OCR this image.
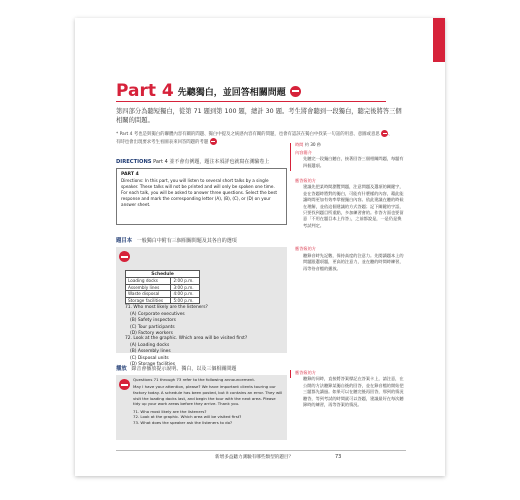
Part 4 先聽獨白，並回答相關問題
第四部分為聽短獨白，從第 71 題到第 100 題，總計 30 題。考生將會聽到一段獨白，聽完後將答三個相關的問題。
* Part 4 考也是與獨白的聯體內容有關的問題、獨白中提及之統感內容有關的問題，也會有認該在獨白中找某一句話的用意、意圖或意思 、有時也會出現要求考生看圖表來回答問題的考題
DIRECTIONS Part 4 並不會有例題，題注本須詳也就寫在測驗卷上
PART 4
Directions: In this part, you will listen to several short talks by a single speaker. These talks will not be printed and will only be spoken one time. For each talk, you will be asked to answer three questions. Select the best response and mark the corresponding letter (A), (B), (C), or (D) on your answer sheet.
時間 約 30 秒
內容簡介
先聽完一段獨白聽白，接著回答三個相關問題，每題有四個選項。
應答竅的方
建議先把某時間瀏覽問題，注意問題及選項的關鍵字，並在答題時將對的獨白，可能有什麼樣的內容，藉此能讓時間更加有效率掌握獨白內容。依此建議在聽的時候在理解，並依這個建議的方式答題；記下關鍵的字語，只要找到題目所重點，多加練習會的。作答方面也要留意「不用在題目本上作答」，之前都說是，一是仍是換考試判定。
應答竅的方
聽錄音時先記數，保持高度的注意力。先閱讀題本上的問題跟選項題，更高的注意力，並在聽的時間時練習，再等待音檔的播放。
題目本 一般獨白中附有三個相關問題及其各自的選項
Schedule	
Loading docks	2:00 p.m.
Assembly lines	3:00 p.m.
Waste disposal	4:00 p.m.
Storage facilities	5:00 p.m.
71. Who most likely are the listeners?
(A) Corporate executives
(B) Safety inspectors
(C) Tour participants
(D) Factory workers
72. Look at the graphic. Which area will be visited first?
(A) Loading docks
(B) Assembly lines
(C) Disposal units
(D) Storage facilities
播放 錄音會播放提示說明、獨白，以及三個相關問題
Questions 71 through 73 refer to the following announcement.
May I have your attention, please? We have important clients touring our factory today. A schedule has been posted, but it contains an error. They will visit the loading docks last, and begin the tour with the next area. Please tidy up your work areas before they arrive. Thank you.
71. Who most likely are the listeners?
72. Look at the graphic. Which area will be visited first?
73. What does the speaker ask the listeners to do?
應答竅的方
聽錄的同時，直接將答案標記在答案卡上，請注意，在公開的方法聽錄某獨自後的回答，並在錄音檔的開始把三題都先讀過。如果可以在聽完後再回答，那到的情況聽答，等到考試的時間就可以答題，建議最好在每次聽錄時的練習，再等答案的情況。
新增多益聽力測驗有哪些類型的題目？	73
